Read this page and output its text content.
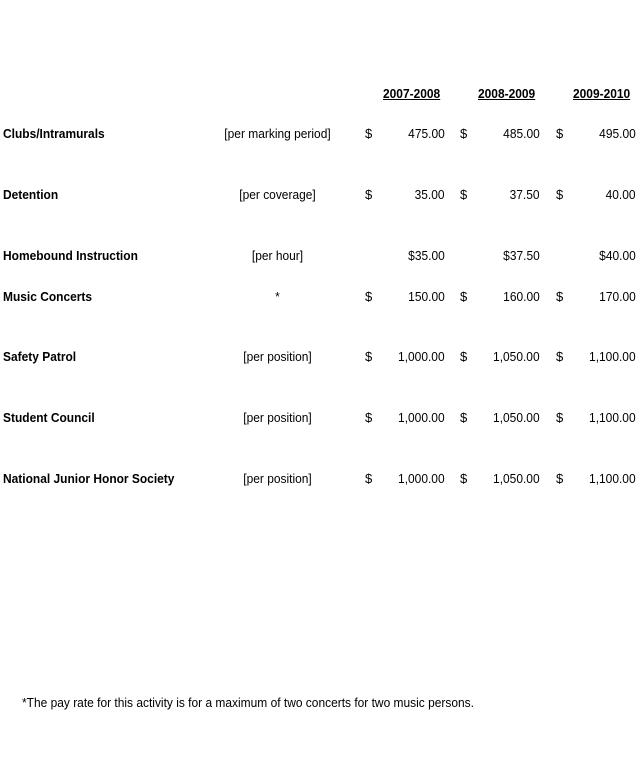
2007-2008	2008-2009	2009-2010
Clubs/Intramurals	[per marking period]	$	475.00 $	485.00 $	495.00
Detention	[per coverage]	$	35.00 $	37.50 $	40.00
Homebound Instruction	[per hour]	$35.00	$37.50	$40.00
Music Concerts	*	$	150.00 $	160.00 $	170.00
Safety Patrol	[per position]	$ 1,000.00 $ 1,050.00 $ 1,100.00
Student Council	[per position]	$ 1,000.00 $ 1,050.00 $ 1,100.00
National Junior Honor Society	[per position]	$ 1,000.00 $ 1,050.00 $ 1,100.00
*The pay rate for this activity is for a maximum of two concerts for two music persons.
